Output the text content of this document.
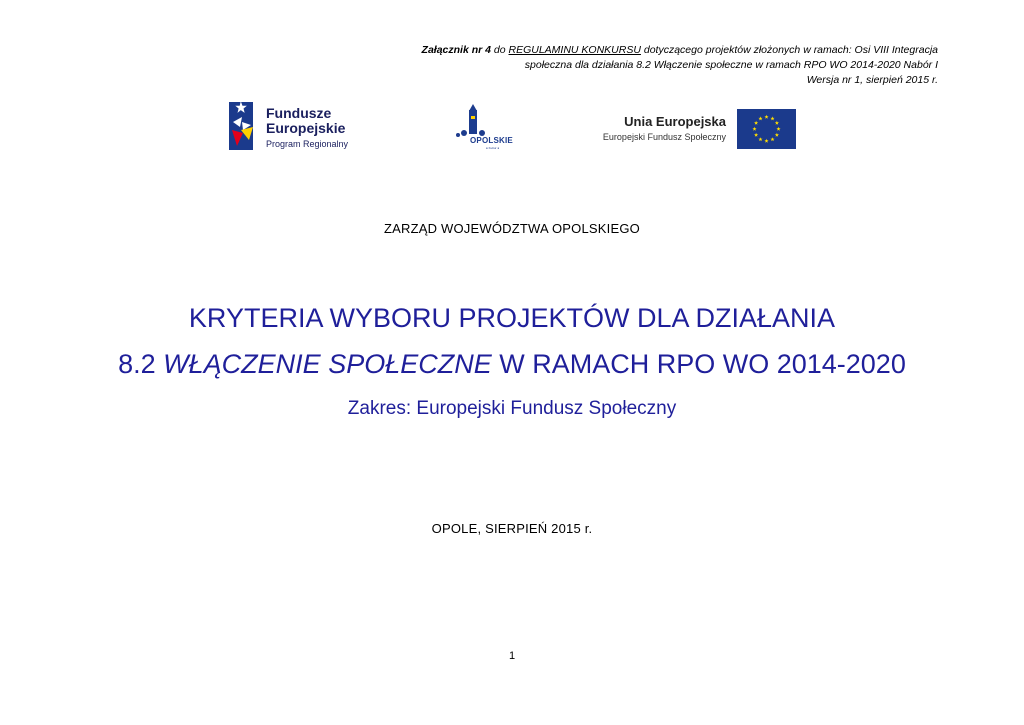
Załącznik nr 4 do REGULAMINU KONKURSU dotyczącego projektów złożonych w ramach: Osi VIII Integracja
społeczna dla działania 8.2 Włączenie społeczne w ramach RPO WO 2014-2020 Nabór I
Wersja nr 1, sierpień 2015 r.
Fundusze
Europejskie
Program Regionalny	OPOLSKIE
● Kultur ●
Unia Europejska
Europejski Fundusz Społeczny
ZARZĄD WOJEWÓDZTWA OPOLSKIEGO
KRYTERIA WYBORU PROJEKTÓW DLA DZIAŁANIA
8.2 WŁĄCZENIE SPOŁECZNE W RAMACH RPO WO 2014-2020
Zakres: Europejski Fundusz Społeczny
OPOLE, SIERPIEŃ 2015 r.
1
